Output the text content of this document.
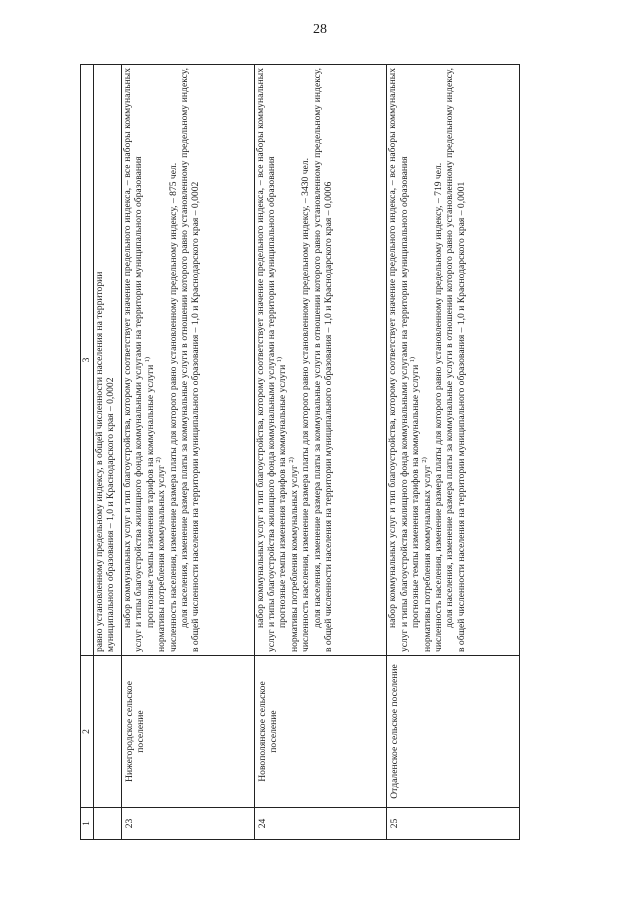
28
1	2	3

		равно установленному предельному индексу, в общей численности населения на территории муниципального образования – 1,0 и Краснодарского края – 0,0002

23	Нижегородское сельское поселение	набор коммунальных услуг и тип благоустройства, которому соответствует значение предельного индекса, – все наборы коммунальных услуг и типы благоустройства жилищного фонда коммунальными услугами на территории муниципального образования прогнозные темпы изменения тарифов на коммунальные услуги $^{1)}$

нормативы потребления коммунальных услуг $^{2)}$ численность населения, изменение размера платы для которого равно установленному предельному индексу, – 875 чел. доля населения, изменение размера платы за коммунальные услуги в отношении которого равно установленному предельному индексу, в общей численности населения на территории муниципального образования – 1,0 и Краснодарского края – 0,0002

24	Новополянское сельское поселение	набор коммунальных услуг и тип благоустройства, которому соответствует значение предельного индекса, – все наборы коммунальных услуг и типы благоустройства жилищного фонда коммунальными услугами на территории муниципального образования прогнозные темпы изменения тарифов на коммунальные услуги $^{1)}$

нормативы потребления коммунальных услуг $^{2)}$ численность населения, изменение размера платы для которого равно установленному предельному индексу, – 3430 чел. доля населения, изменение размера платы за коммунальные услуги в отношении которого равно установленному предельному индексу, в общей численности населения на территории муниципального образования – 1,0 и Краснодарского края – 0,0006

25	Отдаленское сельское поселение	набор коммунальных услуг и тип благоустройства, которому соответствует значение предельного индекса, – все наборы коммунальных услуг и типы благоустройства жилищного фонда коммунальными услугами на территории муниципального образования прогнозные темпы изменения тарифов на коммунальные услуги $^{1)}$

нормативы потребления коммунальных услуг $^{2)}$ численность населения, изменение размера платы для которого равно установленному предельному индексу, – 719 чел. доля населения, изменение размера платы за коммунальные услуги в отношении которого равно установленному предельному индексу, в общей численности населения на территории муниципального образования – 1,0 и Краснодарского края – 0,0001
